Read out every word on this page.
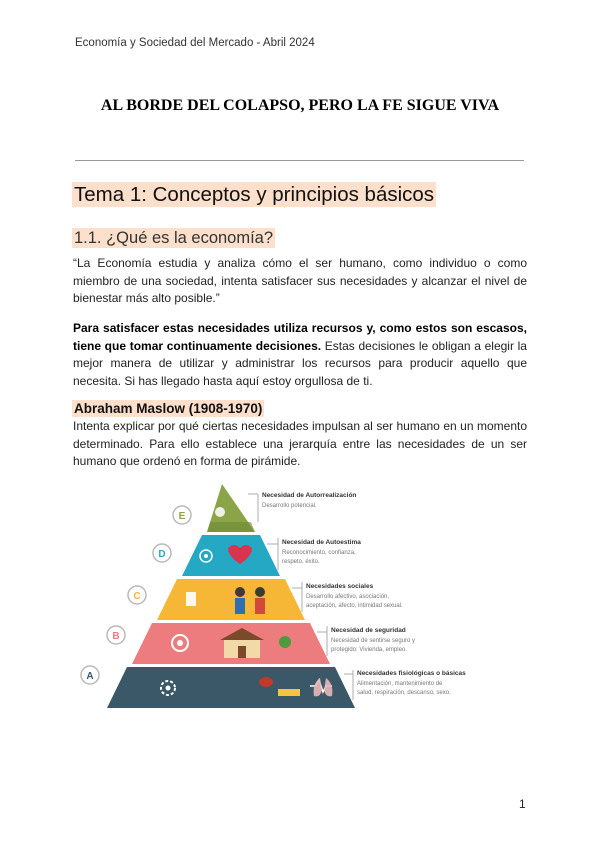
Economía y Sociedad del Mercado - Abril 2024
AL BORDE DEL COLAPSO, PERO LA FE SIGUE VIVA
Tema 1: Conceptos y principios básicos
1.1. ¿Qué es la economía?
“La Economía estudia y analiza cómo el ser humano, como individuo o como miembro de una sociedad, intenta satisfacer sus necesidades y alcanzar el nivel de bienestar más alto posible.”
Para satisfacer estas necesidades utiliza recursos y, como estos son escasos, tiene que tomar continuamente decisiones. Estas decisiones le obligan a elegir la mejor manera de utilizar y administrar los recursos para producir aquello que necesita. Si has llegado hasta aquí estoy orgullosa de ti.
Abraham Maslow (1908-1970)
Intenta explicar por qué ciertas necesidades impulsan al ser humano en un momento determinado. Para ello establece una jerarquía entre las necesidades de un ser humano que ordenó en forma de pirámide.
E
Necesidad de Autorrealización
Desarrollo potencial.
D
Necesidad de Autoestima
Reconocimiento, confianza,
respeto, éxito.
C
Necesidades sociales
Desarrollo afectivo, asociación,
aceptación, afecto, intimidad sexual.
B
Necesidad de seguridad
Necesidad de sentirse seguro y
protegido: Vivienda, empleo.
A	Necesidades fisiológicas o básicas
Alimentación, mantenimiento de
salud, respiración, descanso, sexo.
1
